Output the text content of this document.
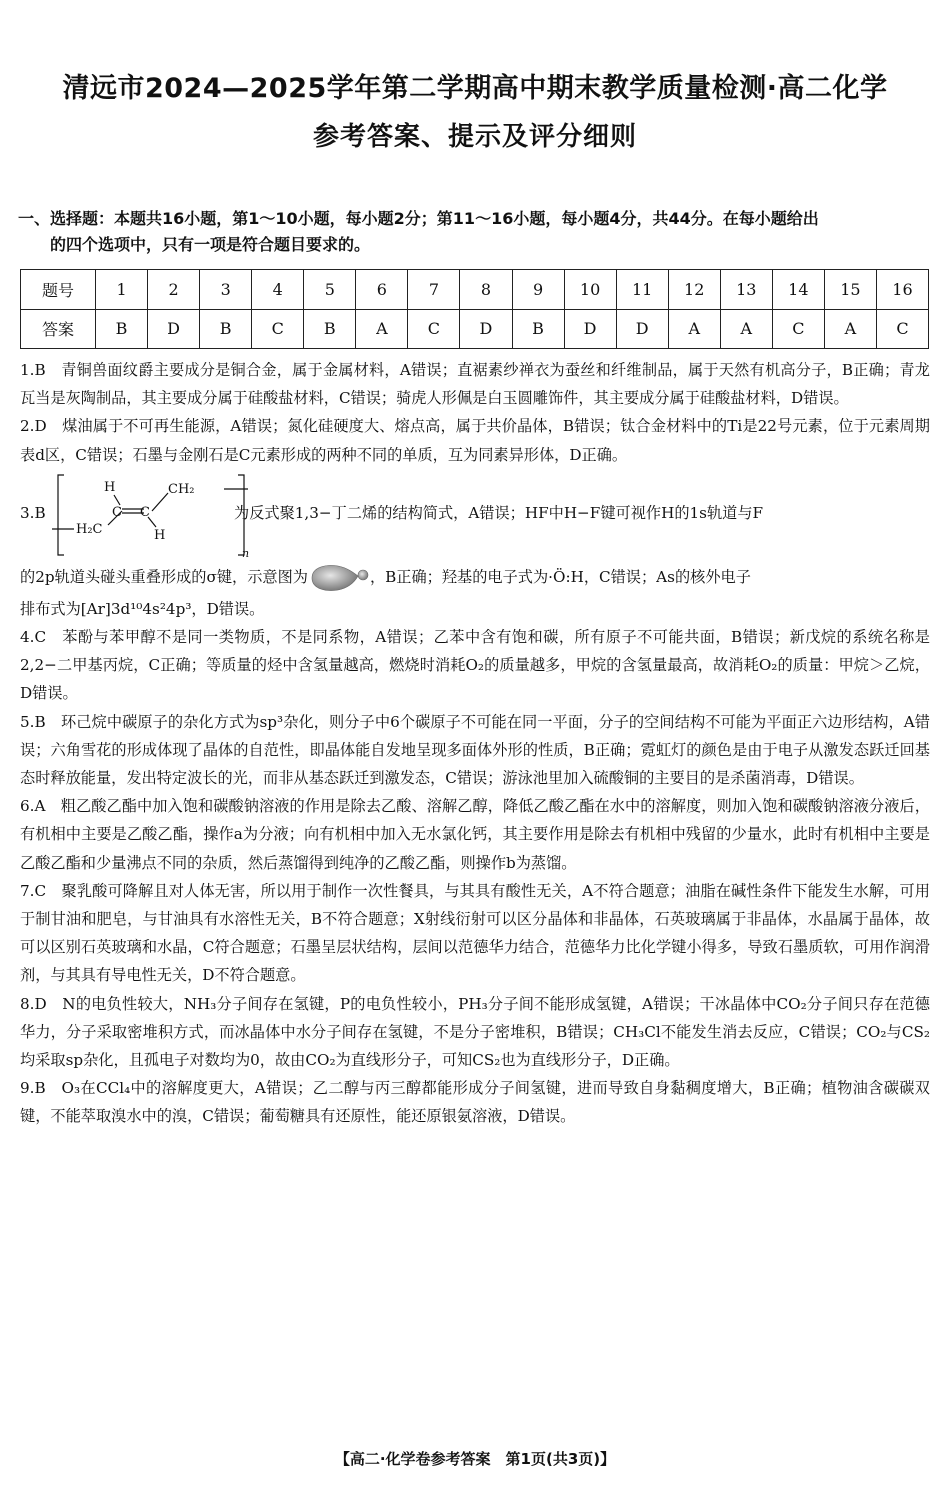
清远市2024—2025学年第二学期高中期末教学质量检测·高二化学
参考答案、提示及评分细则
一、选择题：本题共16小题，第1～10小题，每小题2分；第11～16小题，每小题4分，共44分。在每小题给出
的四个选项中，只有一项是符合题目要求的。
题号	1	2	3	4	5	6	7	8	9	10	11	12	13	14	15	16
答案	B	D	B	C	B	A	C	D	B	D	D	A	A	C	A	C
1.B　青铜兽面纹爵主要成分是铜合金，属于金属材料，A错误；直裾素纱禅衣为蚕丝和纤维制品，属于天然有机高分子，B正确；青龙瓦当是灰陶制品，其主要成分属于硅酸盐材料，C错误；骑虎人形佩是白玉圆雕饰件，其主要成分属于硅酸盐材料，D错误。
2.D　煤油属于不可再生能源，A错误；氮化硅硬度大、熔点高，属于共价晶体，B错误；钛合金材料中的Ti是22号元素，位于元素周期表d区，C错误；石墨与金刚石是C元素形成的两种不同的单质，互为同素异形体，D正确。
3.B
H
C C
CH₂
H₂C	H
n
为反式聚1,3−丁二烯的结构简式，A错误；HF中H−F键可视作H的1s轨道与F
的2p轨道头碰头重叠形成的σ键，示意图为	，B正确；羟基的电子式为·Ö:H，C错误；As的核外电子
排布式为[Ar]3d¹⁰4s²4p³，D错误。
4.C　苯酚与苯甲醇不是同一类物质，不是同系物，A错误；乙苯中含有饱和碳，所有原子不可能共面，B错误；新戊烷的系统名称是2,2−二甲基丙烷，C正确；等质量的烃中含氢量越高，燃烧时消耗O₂的质量越多，甲烷的含氢量最高，故消耗O₂的质量：甲烷＞乙烷，D错误。
5.B　环己烷中碳原子的杂化方式为sp³杂化，则分子中6个碳原子不可能在同一平面，分子的空间结构不可能为平面正六边形结构，A错误；六角雪花的形成体现了晶体的自范性，即晶体能自发地呈现多面体外形的性质，B正确；霓虹灯的颜色是由于电子从激发态跃迁回基态时释放能量，发出特定波长的光，而非从基态跃迁到激发态，C错误；游泳池里加入硫酸铜的主要目的是杀菌消毒，D错误。
6.A　粗乙酸乙酯中加入饱和碳酸钠溶液的作用是除去乙酸、溶解乙醇，降低乙酸乙酯在水中的溶解度，则加入饱和碳酸钠溶液分液后，有机相中主要是乙酸乙酯，操作a为分液；向有机相中加入无水氯化钙，其主要作用是除去有机相中残留的少量水，此时有机相中主要是乙酸乙酯和少量沸点不同的杂质，然后蒸馏得到纯净的乙酸乙酯，则操作b为蒸馏。
7.C　聚乳酸可降解且对人体无害，所以用于制作一次性餐具，与其具有酸性无关，A不符合题意；油脂在碱性条件下能发生水解，可用于制甘油和肥皂，与甘油具有水溶性无关，B不符合题意；X射线衍射可以区分晶体和非晶体，石英玻璃属于非晶体，水晶属于晶体，故可以区别石英玻璃和水晶，C符合题意；石墨呈层状结构，层间以范德华力结合，范德华力比化学键小得多，导致石墨质软，可用作润滑剂，与其具有导电性无关，D不符合题意。
8.D　N的电负性较大，NH₃分子间存在氢键，P的电负性较小，PH₃分子间不能形成氢键，A错误；干冰晶体中CO₂分子间只存在范德华力，分子采取密堆积方式，而冰晶体中水分子间存在氢键，不是分子密堆积，B错误；CH₃Cl不能发生消去反应，C错误；CO₂与CS₂均采取sp杂化，且孤电子对数均为0，故由CO₂为直线形分子，可知CS₂也为直线形分子，D正确。
9.B　O₃在CCl₄中的溶解度更大，A错误；乙二醇与丙三醇都能形成分子间氢键，进而导致自身黏稠度增大，B正确；植物油含碳碳双键，不能萃取溴水中的溴，C错误；葡萄糖具有还原性，能还原银氨溶液，D错误。
【高二·化学卷参考答案　第1页(共3页)】
